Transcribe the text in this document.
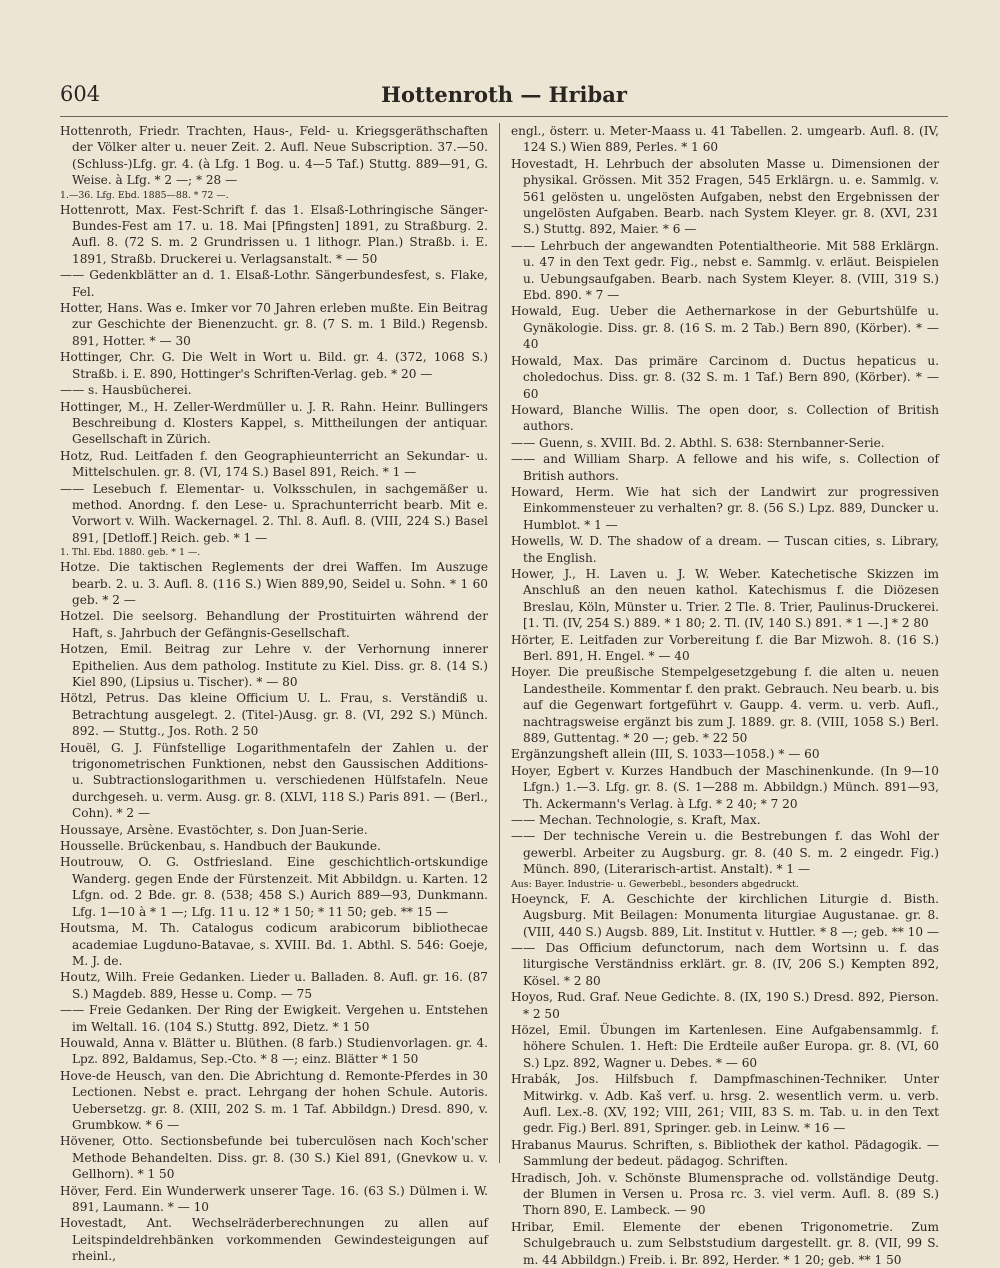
604	Hottenroth — Hribar

Hottenroth, Friedr. Trachten, Haus-, Feld- u. Kriegsgeräthschaften der Völker alter u. neuer Zeit. 2. Aufl. Neue Subscription. 37.—50. (Schluss-)Lfg. gr. 4. (à Lfg. 1 Bog. u. 4—5 Taf.) Stuttg. 889—91, G. Weise. à Lfg. * 2 —; * 28 —

1.—36. Lfg. Ebd. 1885—88. * 72 —.

Hottenrott, Max. Fest-Schrift f. das 1. Elsaß-Lothringische Sänger-Bundes-Fest am 17. u. 18. Mai [Pfingsten] 1891, zu Straßburg. 2. Aufl. 8. (72 S. m. 2 Grundrissen u. 1 lithogr. Plan.) Straßb. i. E. 1891, Straßb. Druckerei u. Verlagsanstalt. * — 50

—— Gedenkblätter an d. 1. Elsaß-Lothr. Sängerbundesfest, s. Flake, Fel.

Hotter, Hans. Was e. Imker vor 70 Jahren erleben mußte. Ein Beitrag zur Geschichte der Bienenzucht. gr. 8. (7 S. m. 1 Bild.) Regensb. 891, Hotter. * — 30

Hottinger, Chr. G. Die Welt in Wort u. Bild. gr. 4. (372, 1068 S.) Straßb. i. E. 890, Hottinger's Schriften-Verlag. geb. * 20 —

—— s. Hausbücherei.

Hottinger, M., H. Zeller-Werdmüller u. J. R. Rahn. Heinr. Bullingers Beschreibung d. Klosters Kappel, s. Mittheilungen der antiquar. Gesellschaft in Zürich.

Hotz, Rud. Leitfaden f. den Geographieunterricht an Sekundar- u. Mittelschulen. gr. 8. (VI, 174 S.) Basel 891, Reich. * 1 —

—— Lesebuch f. Elementar- u. Volksschulen, in sachgemäßer u. method. Anordng. f. den Lese- u. Sprachunterricht bearb. Mit e. Vorwort v. Wilh. Wackernagel. 2. Thl. 8. Aufl. 8. (VIII, 224 S.) Basel 891, [Detloff.] Reich. geb. * 1 —

1. Thl. Ebd. 1880. geb. * 1 —.

Hotze. Die taktischen Reglements der drei Waffen. Im Auszuge bearb. 2. u. 3. Aufl. 8. (116 S.) Wien 889,90, Seidel u. Sohn. * 1 60 geb. * 2 —

Hotzel. Die seelsorg. Behandlung der Prostituirten während der Haft, s. Jahrbuch der Gefängnis-Gesellschaft.

Hotzen, Emil. Beitrag zur Lehre v. der Verhornung innerer Epithelien. Aus dem patholog. Institute zu Kiel. Diss. gr. 8. (14 S.) Kiel 890, (Lipsius u. Tischer). * — 80

Hötzl, Petrus. Das kleine Officium U. L. Frau, s. Verständiß u. Betrachtung ausgelegt. 2. (Titel-)Ausg. gr. 8. (VI, 292 S.) Münch. 892. — Stuttg., Jos. Roth. 2 50

Houël, G. J. Fünfstellige Logarithmentafeln der Zahlen u. der trigonometrischen Funktionen, nebst den Gaussischen Additions- u. Subtractionslogarithmen u. verschiedenen Hülfstafeln. Neue durchgeseh. u. verm. Ausg. gr. 8. (XLVI, 118 S.) Paris 891. — (Berl., Cohn). * 2 —

Houssaye, Arsène. Evastöchter, s. Don Juan-Serie.

Housselle. Brückenbau, s. Handbuch der Baukunde.

Houtrouw, O. G. Ostfriesland. Eine geschichtlich-ortskundige Wanderg. gegen Ende der Fürstenzeit. Mit Abbildgn. u. Karten. 12 Lfgn. od. 2 Bde. gr. 8. (538; 458 S.) Aurich 889—93, Dunkmann. Lfg. 1—10 à * 1 —; Lfg. 11 u. 12 * 1 50; * 11 50; geb. ** 15 —

Houtsma, M. Th. Catalogus codicum arabicorum bibliothecae academiae Lugduno-Batavae, s. XVIII. Bd. 1. Abthl. S. 546: Goeje, M. J. de.

Houtz, Wilh. Freie Gedanken. Lieder u. Balladen. 8. Aufl. gr. 16. (87 S.) Magdeb. 889, Hesse u. Comp. — 75

—— Freie Gedanken. Der Ring der Ewigkeit. Vergehen u. Entstehen im Weltall. 16. (104 S.) Stuttg. 892, Dietz. * 1 50

Houwald, Anna v. Blätter u. Blüthen. (8 farb.) Studienvorlagen. gr. 4. Lpz. 892, Baldamus, Sep.-Cto. * 8 —; einz. Blätter * 1 50

Hove-de Heusch, van den. Die Abrichtung d. Remonte-Pferdes in 30 Lectionen. Nebst e. pract. Lehrgang der hohen Schule. Autoris. Uebersetzg. gr. 8. (XIII, 202 S. m. 1 Taf. Abbildgn.) Dresd. 890, v. Grumbkow. * 6 —

Hövener, Otto. Sectionsbefunde bei tuberculösen nach Koch'scher Methode Behandelten. Diss. gr. 8. (30 S.) Kiel 891, (Gnevkow u. v. Gellhorn). * 1 50

Höver, Ferd. Ein Wunderwerk unserer Tage. 16. (63 S.) Dülmen i. W. 891, Laumann. * — 10

Hovestadt, Ant. Wechselräderberechnungen zu allen auf Leitspindeldrehbänken vorkommenden Gewindesteigungen auf rheinl.,

engl., österr. u. Meter-Maass u. 41 Tabellen. 2. umgearb. Aufl. 8. (IV, 124 S.) Wien 889, Perles. * 1 60

Hovestadt, H. Lehrbuch der absoluten Masse u. Dimensionen der physikal. Grössen. Mit 352 Fragen, 545 Erklärgn. u. e. Sammlg. v. 561 gelösten u. ungelösten Aufgaben, nebst den Ergebnissen der ungelösten Aufgaben. Bearb. nach System Kleyer. gr. 8. (XVI, 231 S.) Stuttg. 892, Maier. * 6 —

—— Lehrbuch der angewandten Potentialtheorie. Mit 588 Erklärgn. u. 47 in den Text gedr. Fig., nebst e. Sammlg. v. erläut. Beispielen u. Uebungsaufgaben. Bearb. nach System Kleyer. 8. (VIII, 319 S.) Ebd. 890. * 7 —

Howald, Eug. Ueber die Aethernarkose in der Geburtshülfe u. Gynäkologie. Diss. gr. 8. (16 S. m. 2 Tab.) Bern 890, (Körber). * — 40

Howald, Max. Das primäre Carcinom d. Ductus hepaticus u. choledochus. Diss. gr. 8. (32 S. m. 1 Taf.) Bern 890, (Körber). * — 60

Howard, Blanche Willis. The open door, s. Collection of British authors.

—— Guenn, s. XVIII. Bd. 2. Abthl. S. 638: Sternbanner-Serie.

—— and William Sharp. A fellowe and his wife, s. Collection of British authors.

Howard, Herm. Wie hat sich der Landwirt zur progressiven Einkommensteuer zu verhalten? gr. 8. (56 S.) Lpz. 889, Duncker u. Humblot. * 1 —

Howells, W. D. The shadow of a dream. — Tuscan cities, s. Library, the English.

Hower, J., H. Laven u. J. W. Weber. Katechetische Skizzen im Anschluß an den neuen kathol. Katechismus f. die Diözesen Breslau, Köln, Münster u. Trier. 2 Tle. 8. Trier, Paulinus-Druckerei. [1. Tl. (IV, 254 S.) 889. * 1 80; 2. Tl. (IV, 140 S.) 891. * 1 —.] * 2 80

Hörter, E. Leitfaden zur Vorbereitung f. die Bar Mizwoh. 8. (16 S.) Berl. 891, H. Engel. * — 40

Hoyer. Die preußische Stempelgesetzgebung f. die alten u. neuen Landestheile. Kommentar f. den prakt. Gebrauch. Neu bearb. u. bis auf die Gegenwart fortgeführt v. Gaupp. 4. verm. u. verb. Aufl., nachtragsweise ergänzt bis zum J. 1889. gr. 8. (VIII, 1058 S.) Berl. 889, Guttentag. * 20 —; geb. * 22 50

Ergänzungsheft allein (III, S. 1033—1058.) * — 60

Hoyer, Egbert v. Kurzes Handbuch der Maschinenkunde. (In 9—10 Lfgn.) 1.—3. Lfg. gr. 8. (S. 1—288 m. Abbildgn.) Münch. 891—93, Th. Ackermann's Verlag. à Lfg. * 2 40; * 7 20

—— Mechan. Technologie, s. Kraft, Max.

—— Der technische Verein u. die Bestrebungen f. das Wohl der gewerbl. Arbeiter zu Augsburg. gr. 8. (40 S. m. 2 eingedr. Fig.) Münch. 890, (Literarisch-artist. Anstalt). * 1 —

Aus: Bayer. Industrie- u. Gewerbebl., besonders abgedruckt.

Hoeynck, F. A. Geschichte der kirchlichen Liturgie d. Bisth. Augsburg. Mit Beilagen: Monumenta liturgiae Augustanae. gr. 8. (VIII, 440 S.) Augsb. 889, Lit. Institut v. Huttler. * 8 —; geb. ** 10 —

—— Das Officium defunctorum, nach dem Wortsinn u. f. das liturgische Verständniss erklärt. gr. 8. (IV, 206 S.) Kempten 892, Kösel. * 2 80

Hoyos, Rud. Graf. Neue Gedichte. 8. (IX, 190 S.) Dresd. 892, Pierson. * 2 50

Hözel, Emil. Übungen im Kartenlesen. Eine Aufgabensammlg. f. höhere Schulen. 1. Heft: Die Erdteile außer Europa. gr. 8. (VI, 60 S.) Lpz. 892, Wagner u. Debes. * — 60

Hrabák, Jos. Hilfsbuch f. Dampfmaschinen-Techniker. Unter Mitwirkg. v. Adb. Kaš verf. u. hrsg. 2. wesentlich verm. u. verb. Aufl. Lex.-8. (XV, 192; VIII, 261; VIII, 83 S. m. Tab. u. in den Text gedr. Fig.) Berl. 891, Springer. geb. in Leinw. * 16 —

Hrabanus Maurus. Schriften, s. Bibliothek der kathol. Pädagogik. — Sammlung der bedeut. pädagog. Schriften.

Hradisch, Joh. v. Schönste Blumensprache od. vollständige Deutg. der Blumen in Versen u. Prosa rc. 3. viel verm. Aufl. 8. (89 S.) Thorn 890, E. Lambeck. — 90

Hribar, Emil. Elemente der ebenen Trigonometrie. Zum Schulgebrauch u. zum Selbststudium dargestellt. gr. 8. (VII, 99 S. m. 44 Abbildgn.) Freib. i. Br. 892, Herder. * 1 20; geb. ** 1 50
